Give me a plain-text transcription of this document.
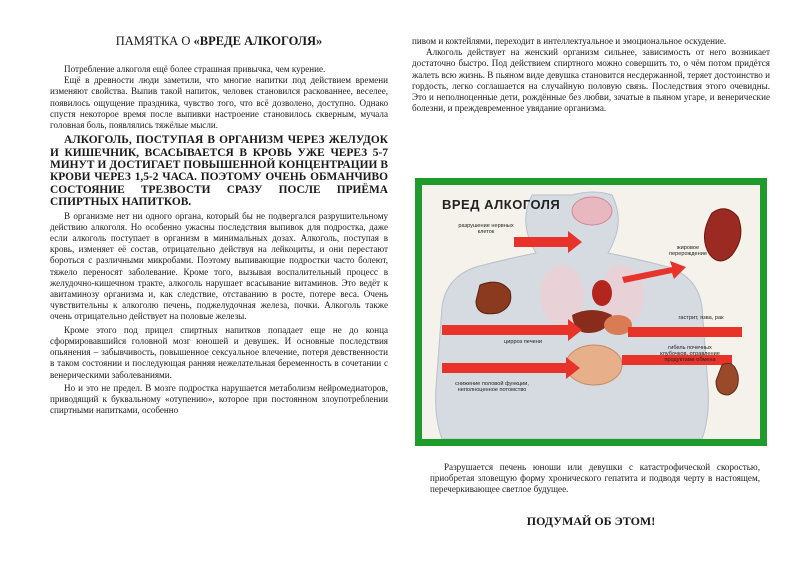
ПАМЯТКА О «ВРЕДЕ АЛКОГОЛЯ»

Потребление алкоголя ещё более страшная привычка, чем курение.

Ещё в древности люди заметили, что многие напитки под действием времени изменяют свойства. Выпив такой напиток, человек становился раскованнее, веселее, появилось ощущение праздника, чувство того, что всё дозволено, доступно. Однако спустя некоторое время после выпивки настроение становилось скверным, мучала головная боль, появлялись тяжёлые мысли.

АЛКОГОЛЬ, ПОСТУПАЯ В ОРГАНИЗМ ЧЕРЕЗ ЖЕЛУДОК И КИШЕЧНИК, ВСАСЫВАЕТСЯ В КРОВЬ УЖЕ ЧЕРЕЗ 5-7 МИНУТ И ДОСТИГАЕТ ПОВЫШЕННОЙ КОНЦЕНТРАЦИИ В КРОВИ ЧЕРЕЗ 1,5-2 ЧАСА. ПОЭТОМУ ОЧЕНЬ ОБМАНЧИВО СОСТОЯНИЕ ТРЕЗВОСТИ СРАЗУ ПОСЛЕ ПРИЁМА СПИРТНЫХ НАПИТКОВ.

В организме нет ни одного органа, который бы не подвергался разрушительному действию алкоголя. Но особенно ужасны последствия выпивок для подростка, даже если алкоголь поступает в организм в минимальных дозах. Алкоголь, поступая в кровь, изменяет её состав, отрицательно действуя на лейкоциты, и они перестают бороться с различными микробами. Поэтому выпивающие подростки часто болеют, тяжело переносят заболевание. Кроме того, вызывая воспалительный процесс в желудочно-кишечном тракте, алкоголь нарушает всасывание витаминов. Это ведёт к авитаминозу организма и, как следствие, отставанию в росте, потере веса. Очень чувствительны к алкоголю печень, поджелудочная железа, почки. Алкоголь также очень отрицательно действует на половые железы.

Кроме этого под прицел спиртных напитков попадает еще не до конца сформировавшийся головной мозг юношей и девушек. И основные последствия опьянения – забывчивость, повышенное сексуальное влечение, потеря девственности в таком состоянии и последующая ранняя нежелательная беременность в сочетании с венерическими заболеваниями.

Но и это не предел. В мозге подростка нарушается метаболизм нейромедиаторов, приводящий к буквальному «отупению», которое при постоянном злоупотреблении спиртными напитками, особенно

пивом и коктейлями, переходит в интеллектуальное и эмоциональное оскудение.

Алкоголь действует на женский организм сильнее, зависимость от него возникает достаточно быстро. Под действием спиртного можно совершить то, о чём потом придётся жалеть всю жизнь. В пьяном виде девушка становится несдержанной, теряет достоинство и гордость, легко соглашается на случайную половую связь. Последствия этого очевидны. Это и неполноценные дети, рождённые без любви, зачатые в пьяном угаре, и венерические болезни, и преждевременное увядание организма.

ВРЕД АЛКОГОЛЯ
разрушение нервных клеток
жировое перерождение
цирроз печени
гастрит, язва, рак
снижение половой функции, неполноценное потомство
гибель почечных клубочков, отравление продуктами обмена

Разрушается печень юноши или девушки с катастрофической скоростью, приобретая зловещую форму хронического гепатита и подводя черту в настоящем, перечеркивающее светлое будущее.

ПОДУМАЙ ОБ ЭТОМ!
